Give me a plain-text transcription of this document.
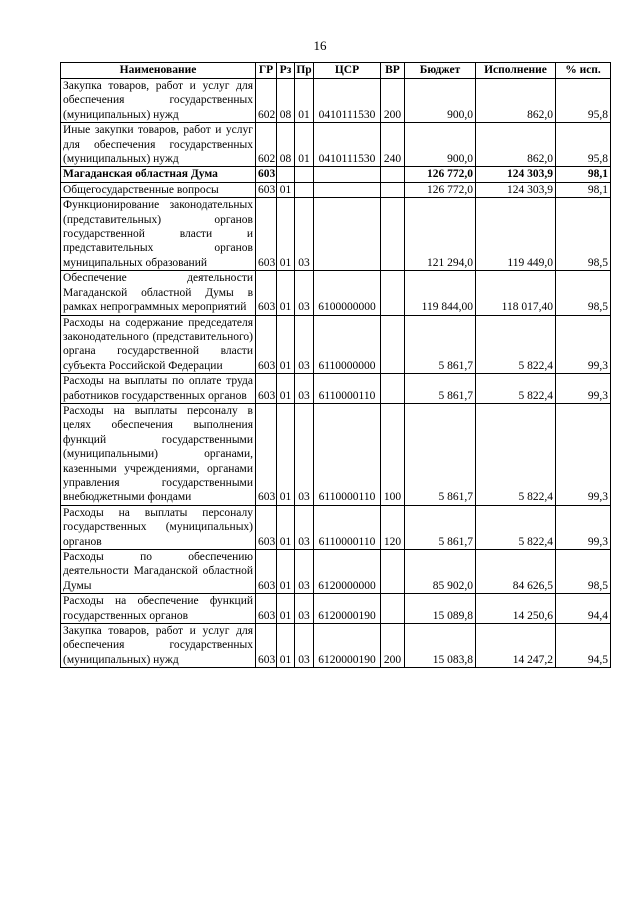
16
Наименование	ГР	Рз	Пр	ЦСР	ВР	Бюджет	Исполнение	% исп.

Закупка товаров, работ и услуг для обеспечения государственных (муниципальных) нужд	602	08	01	0410111530	200	900,0	862,0	95,8

Иные закупки товаров, работ и услуг для обеспечения государственных (муниципальных) нужд	602	08	01	0410111530	240	900,0	862,0	95,8

Магаданская областная Дума	603					126 772,0	124 303,9	98,1

Общегосударственные вопросы	603	01				126 772,0	124 303,9	98,1

Функционирование законодательных (представительных) органов государственной власти и представительных органов муниципальных образований	603	01	03			121 294,0	119 449,0	98,5

Обеспечение деятельности Магаданской областной Думы в рамках непрограммных мероприятий	603	01	03	6100000000		119 844,00	118 017,40	98,5

Расходы на содержание председателя законодательного (представительного) органа государственной власти субъекта Российской Федерации	603	01	03	6110000000		5 861,7	5 822,4	99,3

Расходы на выплаты по оплате труда работников государственных органов	603	01	03	6110000110		5 861,7	5 822,4	99,3

Расходы на выплаты персоналу в целях обеспечения выполнения функций государственными (муниципальными) органами, казенными учреждениями, органами управления государственными внебюджетными фондами	603	01	03	6110000110	100	5 861,7	5 822,4	99,3

Расходы на выплаты персоналу государственных (муниципальных) органов	603	01	03	6110000110	120	5 861,7	5 822,4	99,3

Расходы по обеспечению деятельности Магаданской областной Думы	603	01	03	6120000000		85 902,0	84 626,5	98,5

Расходы на обеспечение функций государственных органов	603	01	03	6120000190		15 089,8	14 250,6	94,4

Закупка товаров, работ и услуг для обеспечения государственных (муниципальных) нужд	603	01	03	6120000190	200	15 083,8	14 247,2	94,5
